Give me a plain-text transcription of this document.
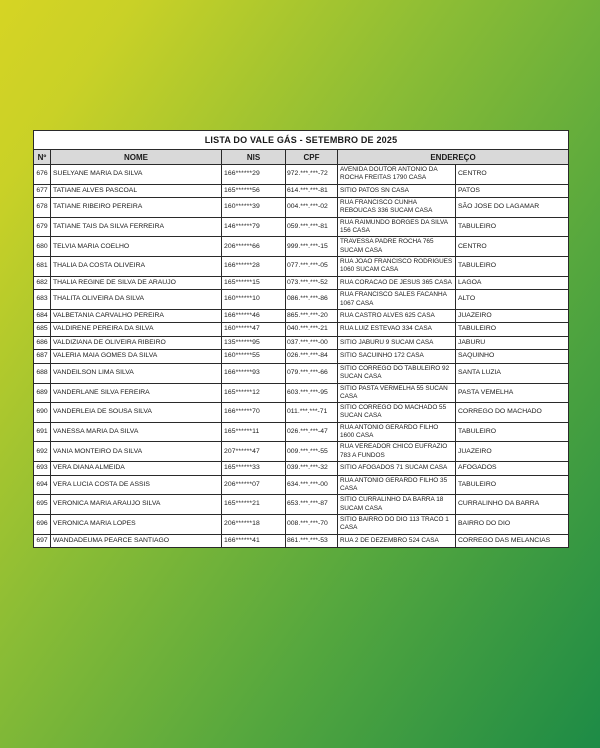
LISTA DO VALE GÁS - SETEMBRO DE 2025					
Nº	NOME	NIS	CPF	ENDEREÇO	
676	SUELYANE MARIA DA SILVA	166******29	972.***.***-72	AVENIDA DOUTOR ANTONIO DA ROCHA FREITAS 1790 CASA	CENTRO
677	TATIANE ALVES PASCOAL	165******56	614.***.***-81	SITIO PATOS SN CASA	PATOS
678	TATIANE RIBEIRO PEREIRA	160******39	004.***.***-02	RUA FRANCISCO CUNHA REBOUCAS 336 SUCAM CASA	SÃO JOSE DO LAGAMAR
679	TATIANE TAIS DA SILVA FERREIRA	146******79	059.***.***-81	RUA RAIMUNDO BORGES DA SILVA 156 CASA	TABULEIRO
680	TELVIA MARIA COELHO	206******66	999.***.***-15	TRAVESSA PADRE ROCHA 765 SUCAM CASA	CENTRO
681	THALIA DA COSTA OLIVEIRA	166******28	077.***.***-05	RUA JOAO FRANCISCO RODRIGUES 1060 SUCAM CASA	TABULEIRO
682	THALIA REGINE DE SILVA DE ARAUJO	165******15	073.***.***-52	RUA CORACAO DE JESUS 365 CASA	LAGOA
683	THALITA OLIVEIRA DA SILVA	160******10	086.***.***-86	RUA FRANCISCO SALES FACANHA 1067 CASA	ALTO
684	VALBETANIA CARVALHO PEREIRA	166******46	865.***.***-20	RUA CASTRO ALVES 625 CASA	JUAZEIRO
685	VALDIRENE PEREIRA DA SILVA	160******47	040.***.***-21	RUA LUIZ ESTEVAO 334 CASA	TABULEIRO
686	VALDIZIANA DE OLIVEIRA RIBEIRO	135******95	037.***.***-00	SITIO JABURU 9 SUCAM CASA	JABURU
687	VALERIA MAIA GOMES DA SILVA	160******55	026.***.***-84	SITIO SACUINHO 172 CASA	SAQUINHO
688	VANDEILSON LIMA SILVA	166******93	079.***.***-66	SITIO CORREGO DO TABULEIRO 92 SUCAN CASA	SANTA LUZIA
689	VANDERLANE SILVA FEREIRA	165******12	603.***.***-95	SITIO PASTA VERMELHA 55 SUCAN CASA	PASTA VEMELHA
690	VANDERLEIA DE SOUSA SILVA	166******70	011.***.***-71	SITIO CORREGO DO MACHADO 55 SUCAN CASA	CORREGO DO MACHADO
691	VANESSA MARIA DA SILVA	165******11	026.***.***-47	RUA ANTONIO GERARDO FILHO 1600 CASA	TABULEIRO
692	VANIA MONTEIRO DA SILVA	207******47	009.***.***-55	RUA VEREADOR CHICO EUFRAZIO 783 A FUNDOS	JUAZEIRO
693	VERA DIANA ALMEIDA	165******33	039.***.***-32	SITIO AFOGADOS 71 SUCAM CASA	AFOGADOS
694	VERA LUCIA COSTA DE ASSIS	206******07	634.***.***-00	RUA ANTONIO GERARDO FILHO 35 CASA	TABULEIRO
695	VERONICA MARIA ARAUJO SILVA	165******21	653.***.***-87	SITIO CURRALINHO DA BARRA 18 SUCAM CASA	CURRALINHO DA BARRA
696	VERONICA MARIA LOPES	206******18	008.***.***-70	SITIO BAIRRO DO DIO 113 TRACO 1 CASA	BAIRRO DO DIO
697	WANDADEUMA PEARCE SANTIAGO	166******41	861.***.***-53	RUA 2 DE DEZEMBRO 524 CASA	CORREGO DAS MELANCIAS
